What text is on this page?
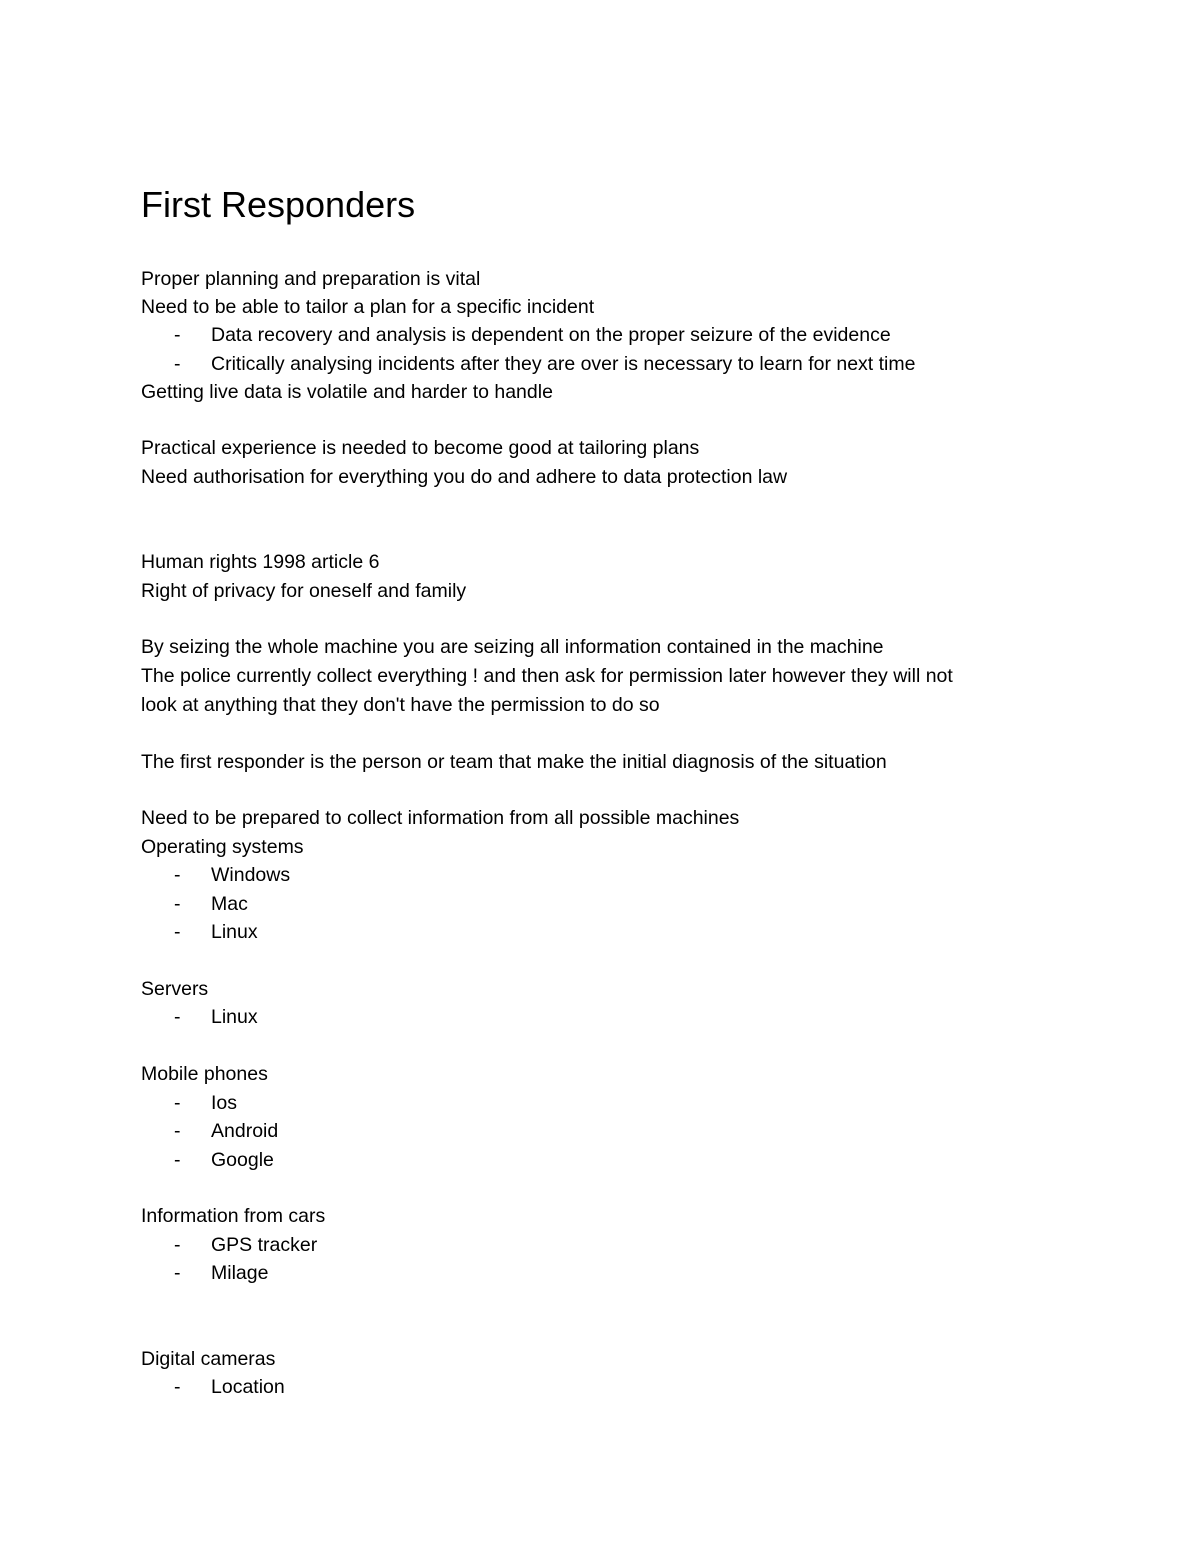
First Responders
Proper planning and preparation is vital
Need to be able to tailor a plan for a specific incident
- Data recovery and analysis is dependent on the proper seizure of the evidence
- Critically analysing incidents after they are over is necessary to learn for next time
Getting live data is volatile and harder to handle
Practical experience is needed to become good at tailoring plans
Need authorisation for everything you do and adhere to data protection law
Human rights 1998 article 6
Right of privacy for oneself and family
By seizing the whole machine you are seizing all information contained in the machine
The police currently collect everything ! and then ask for permission later however they will not
look at anything that they don't have the permission to do so
The first responder is the person or team that make the initial diagnosis of the situation
Need to be prepared to collect information from all possible machines
Operating systems
- Windows
- Mac
- Linux
Servers
- Linux
Mobile phones
- Ios
- Android
- Google
Information from cars
- GPS tracker
- Milage
Digital cameras
- Location
